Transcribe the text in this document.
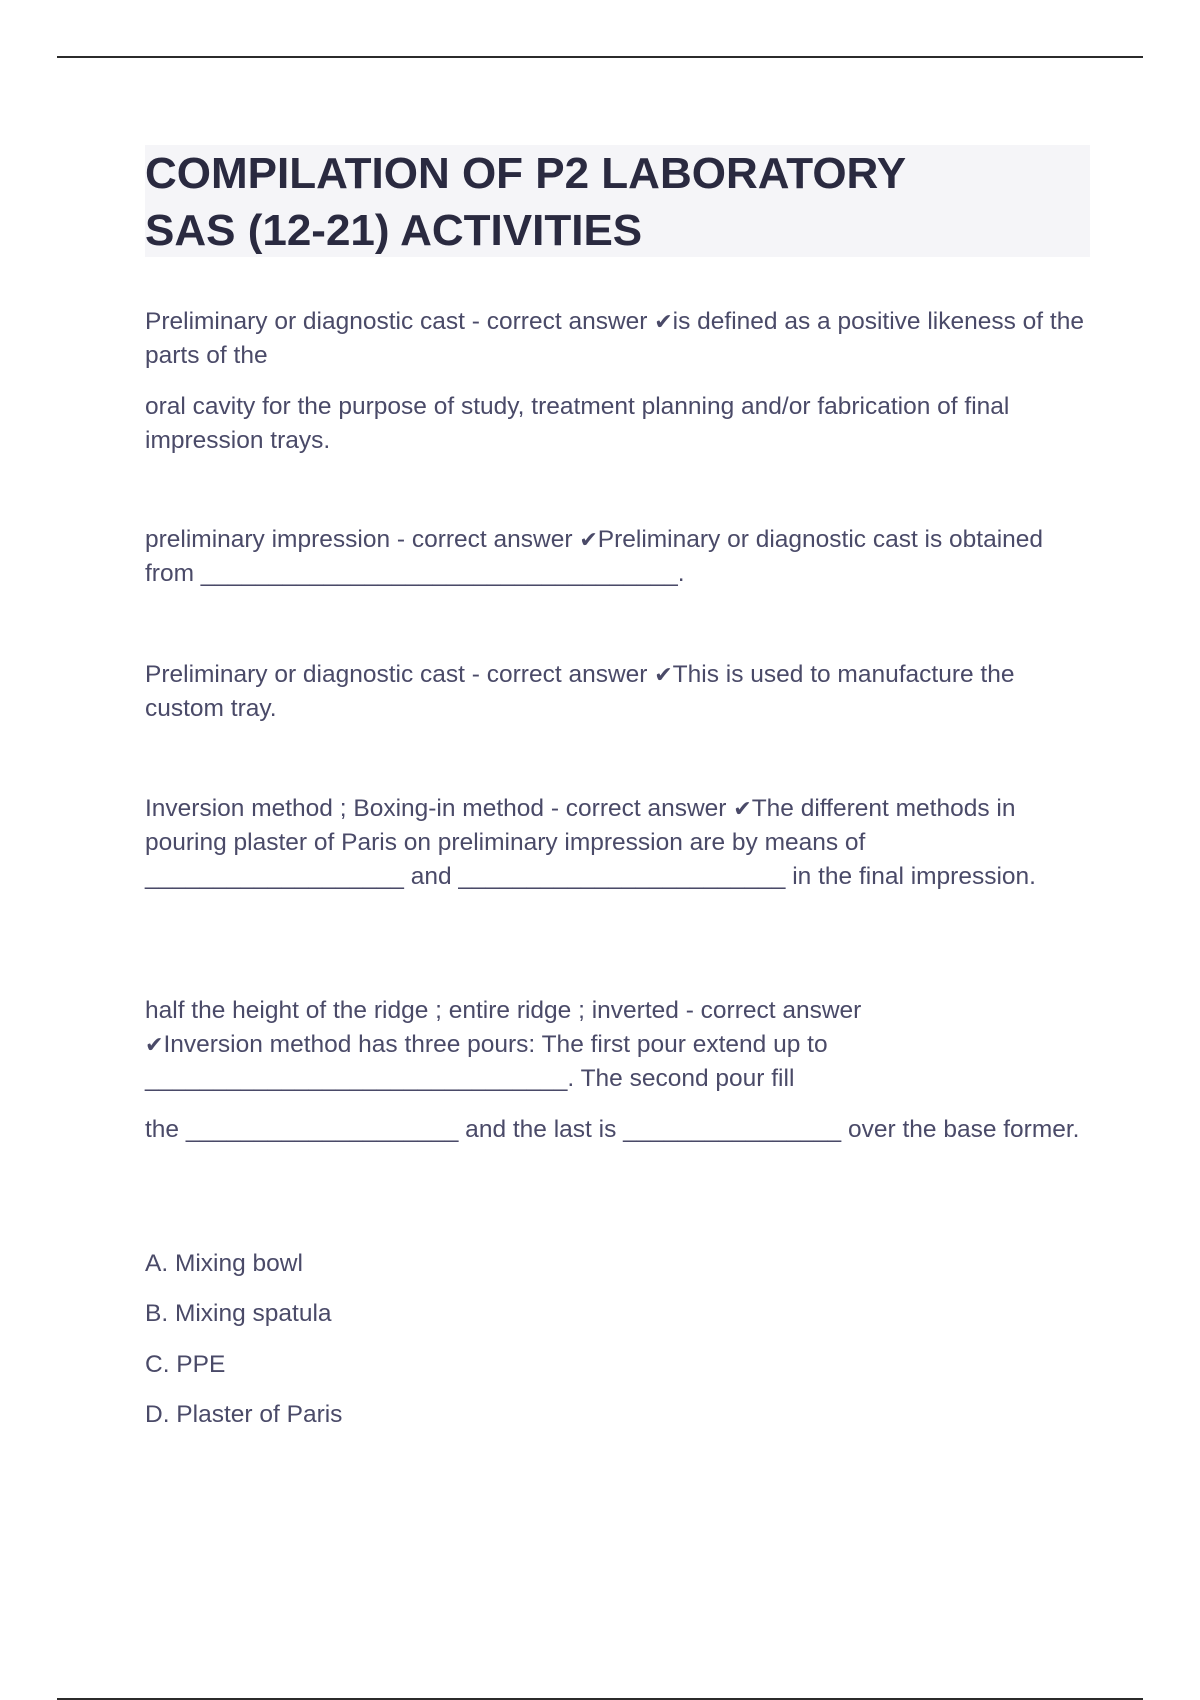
COMPILATION OF P2 LABORATORY
SAS (12-21) ACTIVITIES

Preliminary or diagnostic cast - correct answer ✔is defined as a positive likeness of the parts of the

oral cavity for the purpose of study, treatment planning and/or fabrication of final impression trays.

preliminary impression - correct answer ✔Preliminary or diagnostic cast is obtained from ___________________________________.

Preliminary or diagnostic cast - correct answer ✔This is used to manufacture the custom tray.

Inversion method ; Boxing-in method - correct answer ✔The different methods in pouring plaster of Paris on preliminary impression are by means of ___________________ and ________________________ in the final impression.

half the height of the ridge ; entire ridge ; inverted - correct answer
✔Inversion method has three pours: The first pour extend up to _______________________________. The second pour fill

the ____________________ and the last is ________________ over the base former.

A. Mixing bowl

B. Mixing spatula

C. PPE

D. Plaster of Paris
